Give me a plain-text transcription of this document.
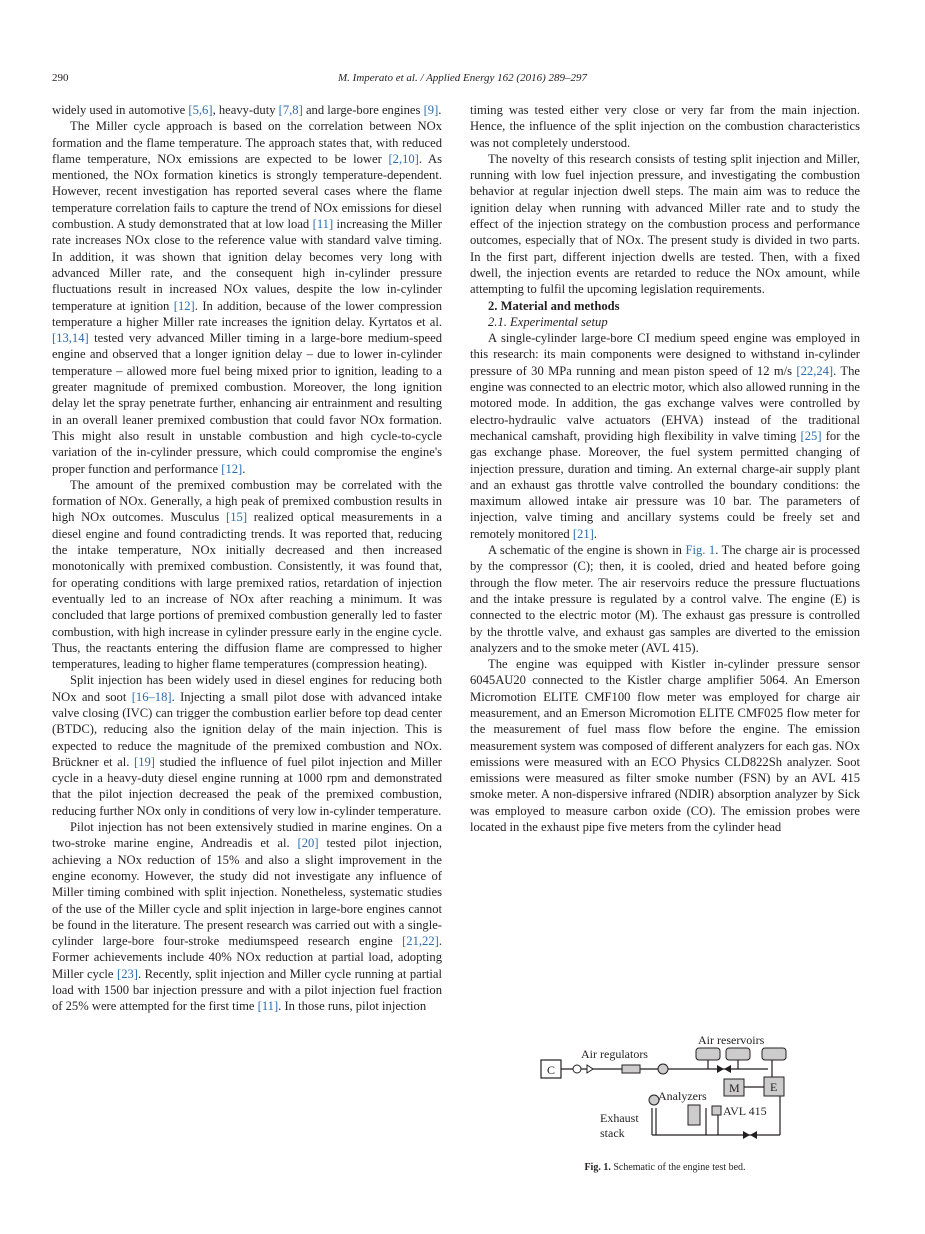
290	M. Imperato et al. / Applied Energy 162 (2016) 289–297

widely used in automotive [5,6], heavy-duty [7,8] and large-bore engines [9].

The Miller cycle approach is based on the correlation between NOx formation and the flame temperature. The approach states that, with reduced flame temperature, NOx emissions are expected to be lower [2,10]. As mentioned, the NOx formation kinetics is strongly temperature-dependent. However, recent investigation has reported several cases where the flame temperature correlation fails to capture the trend of NOx emissions for diesel combustion. A study demonstrated that at low load [11] increasing the Miller rate increases NOx close to the reference value with standard valve timing. In addition, it was shown that ignition delay becomes very long with advanced Miller rate, and the consequent high in-cylinder pressure fluctuations result in increased NOx values, despite the low in-cylinder temperature at ignition [12]. In addition, because of the lower compression temperature a higher Miller rate increases the ignition delay. Kyrtatos et al. [13,14] tested very advanced Miller timing in a large-bore medium-speed engine and observed that a longer ignition delay – due to lower in-cylinder temperature – allowed more fuel being mixed prior to ignition, leading to a greater magnitude of premixed combustion. Moreover, the long ignition delay let the spray penetrate further, enhancing air entrainment and resulting in an overall leaner premixed combustion that could favor NOx formation. This might also result in unstable combustion and high cycle-to-cycle variation of the in-cylinder pressure, which could compromise the engine's proper function and performance [12].

The amount of the premixed combustion may be correlated with the formation of NOx. Generally, a high peak of premixed combustion results in high NOx outcomes. Musculus [15] realized optical measurements in a diesel engine and found contradicting trends. It was reported that, reducing the intake temperature, NOx initially decreased and then increased monotonically with premixed combustion. Consistently, it was found that, for operating conditions with large premixed ratios, retardation of injection eventually led to an increase of NOx after reaching a minimum. It was concluded that large portions of premixed combustion generally led to faster combustion, with high increase in cylinder pressure early in the engine cycle. Thus, the reactants entering the diffusion flame are compressed to higher temperatures, leading to higher flame temperatures (compression heating).

Split injection has been widely used in diesel engines for reducing both NOx and soot [16–18]. Injecting a small pilot dose with advanced intake valve closing (IVC) can trigger the combustion earlier before top dead center (BTDC), reducing also the ignition delay of the main injection. This is expected to reduce the magnitude of the premixed combustion and NOx. Brückner et al. [19] studied the influence of fuel pilot injection and Miller cycle in a heavy-duty diesel engine running at 1000 rpm and demonstrated that the pilot injection decreased the peak of the premixed combustion, reducing further NOx only in conditions of very low in-cylinder temperature.

Pilot injection has not been extensively studied in marine engines. On a two-stroke marine engine, Andreadis et al. [20] tested pilot injection, achieving a NOx reduction of 15% and also a slight improvement in the engine economy. However, the study did not investigate any influence of Miller timing combined with split injection. Nonetheless, systematic studies of the use of the Miller cycle and split injection in large-bore engines cannot be found in the literature. The present research was carried out with a single-cylinder large-bore four-stroke mediumspeed research engine [21,22]. Former achievements include 40% NOx reduction at partial load, adopting Miller cycle [23]. Recently, split injection and Miller cycle running at partial load with 1500 bar injection pressure and with a pilot injection fuel fraction of 25% were attempted for the first time [11]. In those runs, pilot injection

timing was tested either very close or very far from the main injection. Hence, the influence of the split injection on the combustion characteristics was not completely understood.

The novelty of this research consists of testing split injection and Miller, running with low fuel injection pressure, and investigating the combustion behavior at regular injection dwell steps. The main aim was to reduce the ignition delay when running with advanced Miller rate and to study the effect of the injection strategy on the combustion process and performance outcomes, especially that of NOx. The present study is divided in two parts. In the first part, different injection dwells are tested. Then, with a fixed dwell, the injection events are retarded to reduce the NOx amount, while attempting to fulfil the upcoming legislation requirements.

2. Material and methods

2.1. Experimental setup

A single-cylinder large-bore CI medium speed engine was employed in this research: its main components were designed to withstand in-cylinder pressure of 30 MPa running and mean piston speed of 12 m/s [22,24]. The engine was connected to an electric motor, which also allowed running in the motored mode. In addition, the gas exchange valves were controlled by electro-hydraulic valve actuators (EHVA) instead of the traditional mechanical camshaft, providing high flexibility in valve timing [25] for the gas exchange phase. Moreover, the fuel system permitted changing of injection pressure, duration and timing. An external charge-air supply plant and an exhaust gas throttle valve controlled the boundary conditions: the maximum allowed intake air pressure was 10 bar. The parameters of injection, valve timing and ancillary systems could be freely set and remotely monitored [21].

A schematic of the engine is shown in Fig. 1. The charge air is processed by the compressor (C); then, it is cooled, dried and heated before going through the flow meter. The air reservoirs reduce the pressure fluctuations and the intake pressure is regulated by a control valve. The engine (E) is connected to the electric motor (M). The exhaust gas pressure is controlled by the throttle valve, and exhaust gas samples are diverted to the emission analyzers and to the smoke meter (AVL 415).

The engine was equipped with Kistler in-cylinder pressure sensor 6045AU20 connected to the Kistler charge amplifier 5064. An Emerson Micromotion ELITE CMF100 flow meter was employed for charge air measurement, and an Emerson Micromotion ELITE CMF025 flow meter for the measurement of fuel mass flow before the engine. The emission measurement system was composed of different analyzers for each gas. NOx emissions were measured with an ECO Physics CLD822Sh analyzer. Soot emissions were measured as filter smoke number (FSN) by an AVL 415 smoke meter. A non-dispersive infrared (NDIR) absorption analyzer by Sick was employed to measure carbon oxide (CO). The emission probes were located in the exhaust pipe five meters from the cylinder head

Air reservoirs
Air regulators
C
Analyzers
M	E
AVL 415
Exhaust
stack
Fig. 1. Schematic of the engine test bed.
